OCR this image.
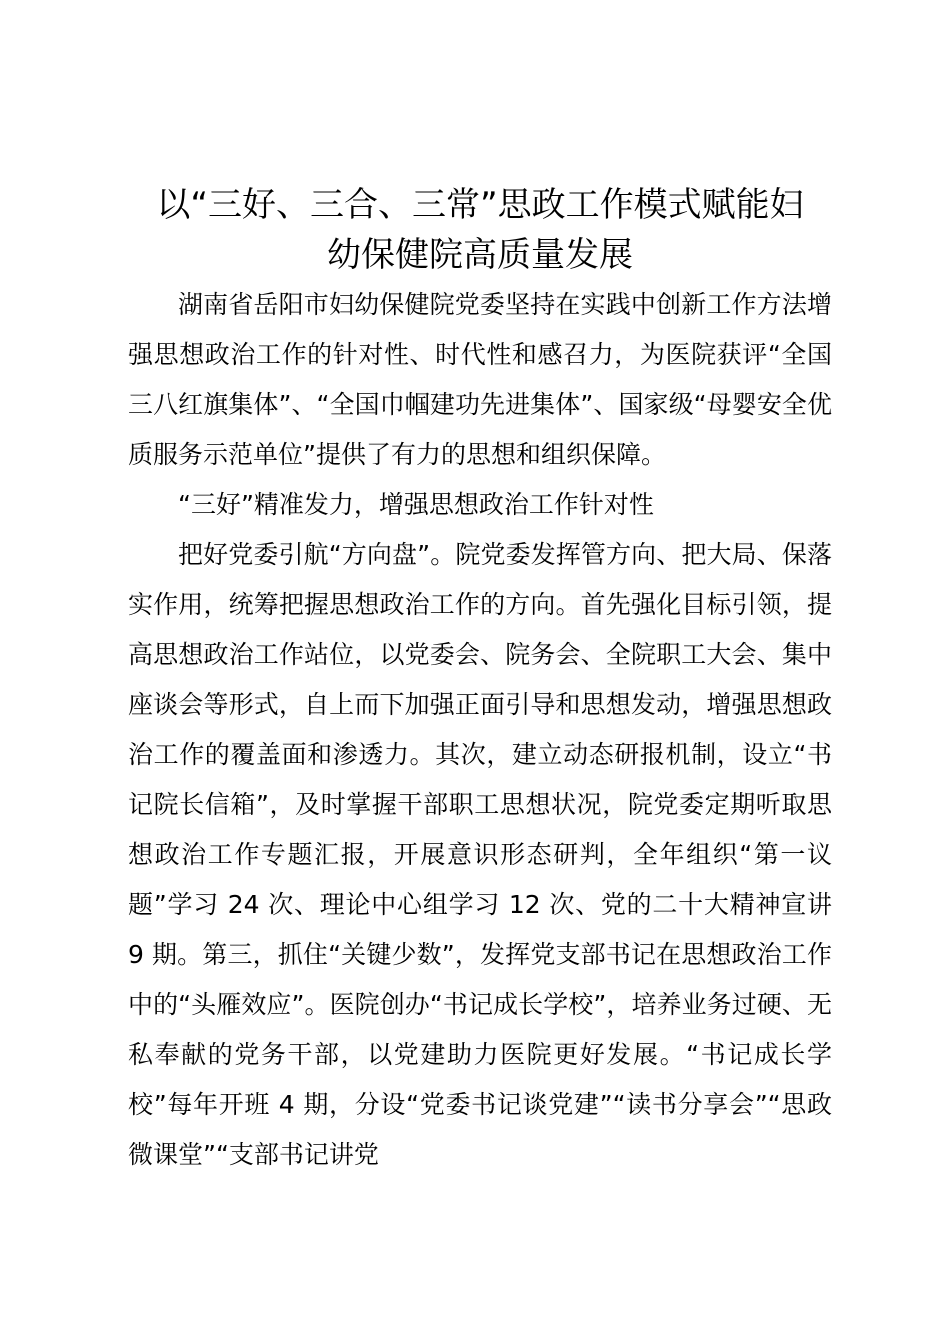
以“三好、三合、三常”思政工作模式赋能妇
幼保健院高质量发展

湖南省岳阳市妇幼保健院党委坚持在实践中创新工作方法增强思想政治工作的针对性、时代性和感召力，为医院获评“全国三八红旗集体”、“全国巾帼建功先进集体”、国家级“母婴安全优质服务示范单位”提供了有力的思想和组织保障。

“三好”精准发力，增强思想政治工作针对性

把好党委引航“方向盘”。院党委发挥管方向、把大局、保落实作用，统筹把握思想政治工作的方向。首先强化目标引领，提高思想政治工作站位，以党委会、院务会、全院职工大会、集中座谈会等形式，自上而下加强正面引导和思想发动，增强思想政治工作的覆盖面和渗透力。其次，建立动态研报机制，设立“书记院长信箱”，及时掌握干部职工思想状况，院党委定期听取思想政治工作专题汇报，开展意识形态研判，全年组织“第一议题”学习 24 次、理论中心组学习 12 次、党的二十大精神宣讲 9 期。第三，抓住“关键少数”，发挥党支部书记在思想政治工作中的“头雁效应”。医院创办“书记成长学校”，培养业务过硬、无私奉献的党务干部，以党建助力医院更好发展。“书记成长学校”每年开班 4 期，分设“党委书记谈党建”“读书分享会”“思政微课堂”“支部书记讲党
